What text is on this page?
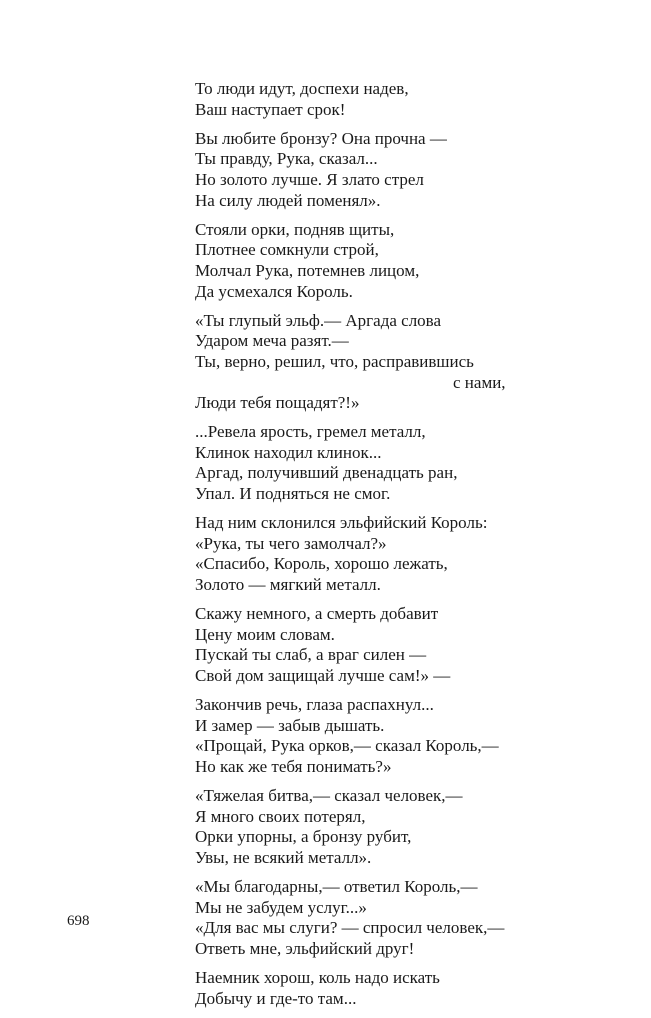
То люди идут, доспехи надев,
Ваш наступает срок!
Вы любите бронзу? Она прочна —
Ты правду, Рука, сказал...
Но золото лучше. Я злато стрел
На силу людей поменял».
Стояли орки, подняв щиты,
Плотнее сомкнули строй,
Молчал Рука, потемнев лицом,
Да усмехался Король.
«Ты глупый эльф.— Аргада слова
Ударом меча разят.—
Ты, верно, решил, что, расправившись
с нами,
Люди тебя пощадят?!»
...Ревела ярость, гремел металл,
Клинок находил клинок...
Аргад, получивший двенадцать ран,
Упал. И подняться не смог.
Над ним склонился эльфийский Король:
«Рука, ты чего замолчал?»
«Спасибо, Король, хорошо лежать,
Золото — мягкий металл.
Скажу немного, а смерть добавит
Цену моим словам.
Пускай ты слаб, а враг силен —
Свой дом защищай лучше сам!» —
Закончив речь, глаза распахнул...
И замер — забыв дышать.
«Прощай, Рука орков,— сказал Король,—
Но как же тебя понимать?»
«Тяжелая битва,— сказал человек,—
Я много своих потерял,
Орки упорны, а бронзу рубит,
Увы, не всякий металл».
«Мы благодарны,— ответил Король,—
Мы не забудем услуг...»
«Для вас мы слуги? — спросил человек,—
Ответь мне, эльфийский друг!
Наемник хорош, коль надо искать
Добычу и где-то там...
698
